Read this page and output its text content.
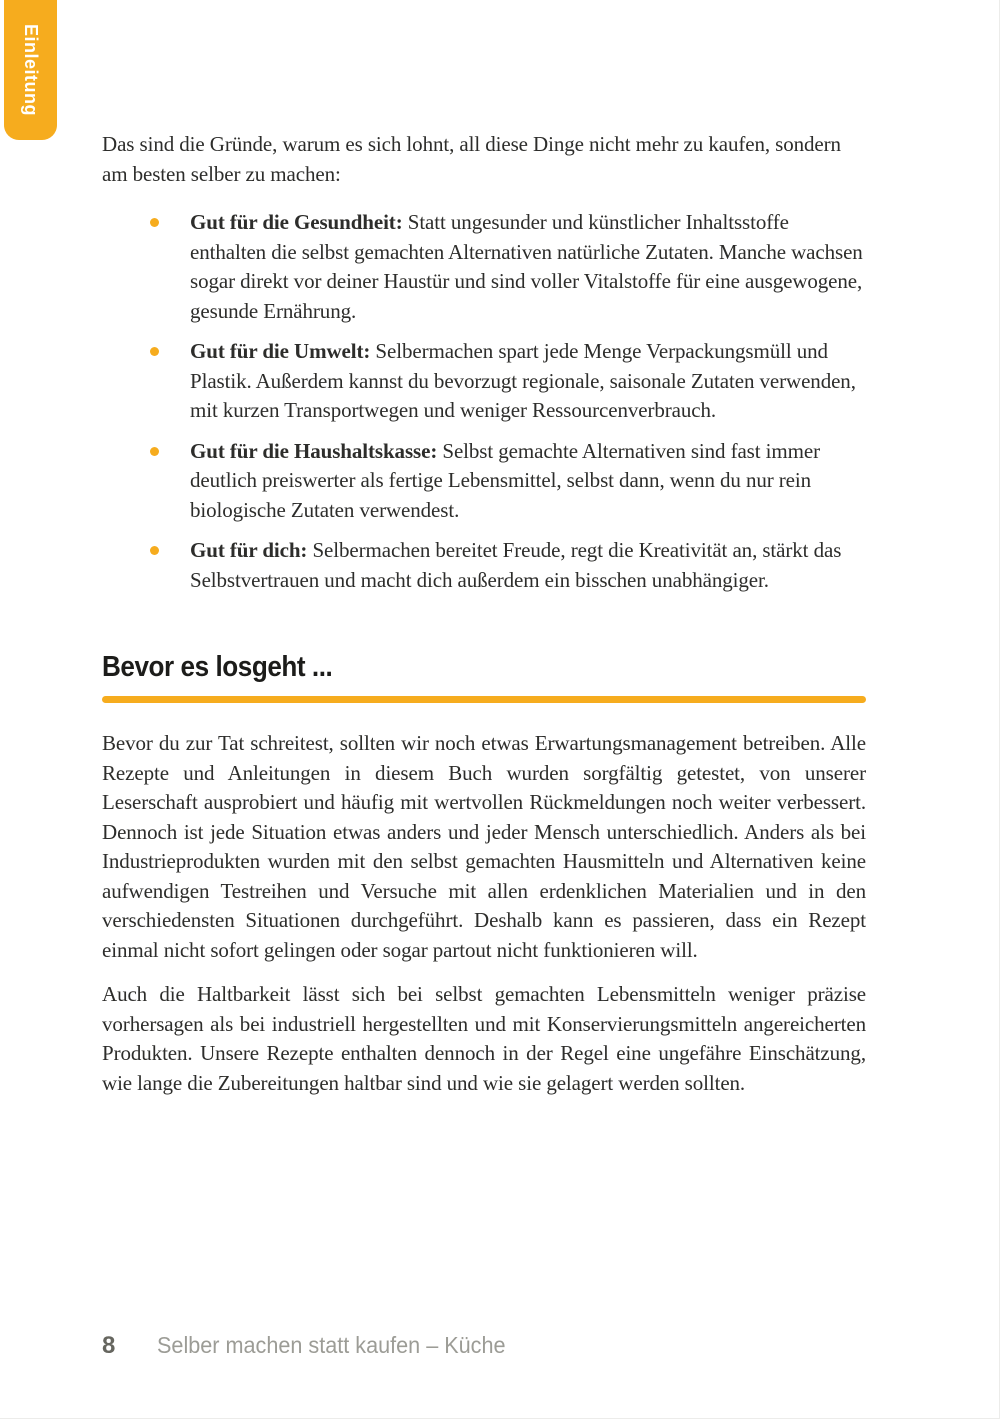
Einleitung

Das sind die Gründe, warum es sich lohnt, all diese Dinge nicht mehr zu kaufen, sondern am besten selber zu machen:

Gut für die Gesundheit: Statt ungesunder und künstlicher Inhaltsstoffe enthalten die selbst gemachten Alternativen natürliche Zutaten. Manche wachsen sogar direkt vor deiner Haustür und sind voller Vitalstoffe für eine ausgewogene, gesunde Ernährung.
Gut für die Umwelt: Selbermachen spart jede Menge Verpackungsmüll und Plastik. Außerdem kannst du bevorzugt regionale, saisonale Zutaten verwenden, mit kurzen Transportwegen und weniger Ressourcenverbrauch.
Gut für die Haushaltskasse: Selbst gemachte Alternativen sind fast immer deutlich preiswerter als fertige Lebensmittel, selbst dann, wenn du nur rein biologische Zutaten verwendest.
Gut für dich: Selbermachen bereitet Freude, regt die Kreativität an, stärkt das Selbstvertrauen und macht dich außerdem ein bisschen unabhängiger.
Bevor es losgeht ...

Bevor du zur Tat schreitest, sollten wir noch etwas Erwartungsmanagement betreiben. Alle Rezepte und Anleitungen in diesem Buch wurden sorgfältig getestet, von unserer Leserschaft ausprobiert und häufig mit wertvollen Rückmeldungen noch weiter verbessert. Dennoch ist jede Situation etwas anders und jeder Mensch unterschiedlich. Anders als bei Industrieprodukten wurden mit den selbst gemachten Hausmitteln und Alternativen keine aufwendigen Testreihen und Versuche mit allen erdenklichen Materialien und in den verschiedensten Situationen durchgeführt. Deshalb kann es passieren, dass ein Rezept einmal nicht sofort gelingen oder sogar partout nicht funktionieren will.

Auch die Haltbarkeit lässt sich bei selbst gemachten Lebensmitteln weniger präzise vorhersagen als bei industriell hergestellten und mit Konservierungsmitteln angereicherten Produkten. Unsere Rezepte enthalten dennoch in der Regel eine ungefähre Einschätzung, wie lange die Zubereitungen haltbar sind und wie sie gelagert werden sollten.

8 Selber machen statt kaufen – Küche
